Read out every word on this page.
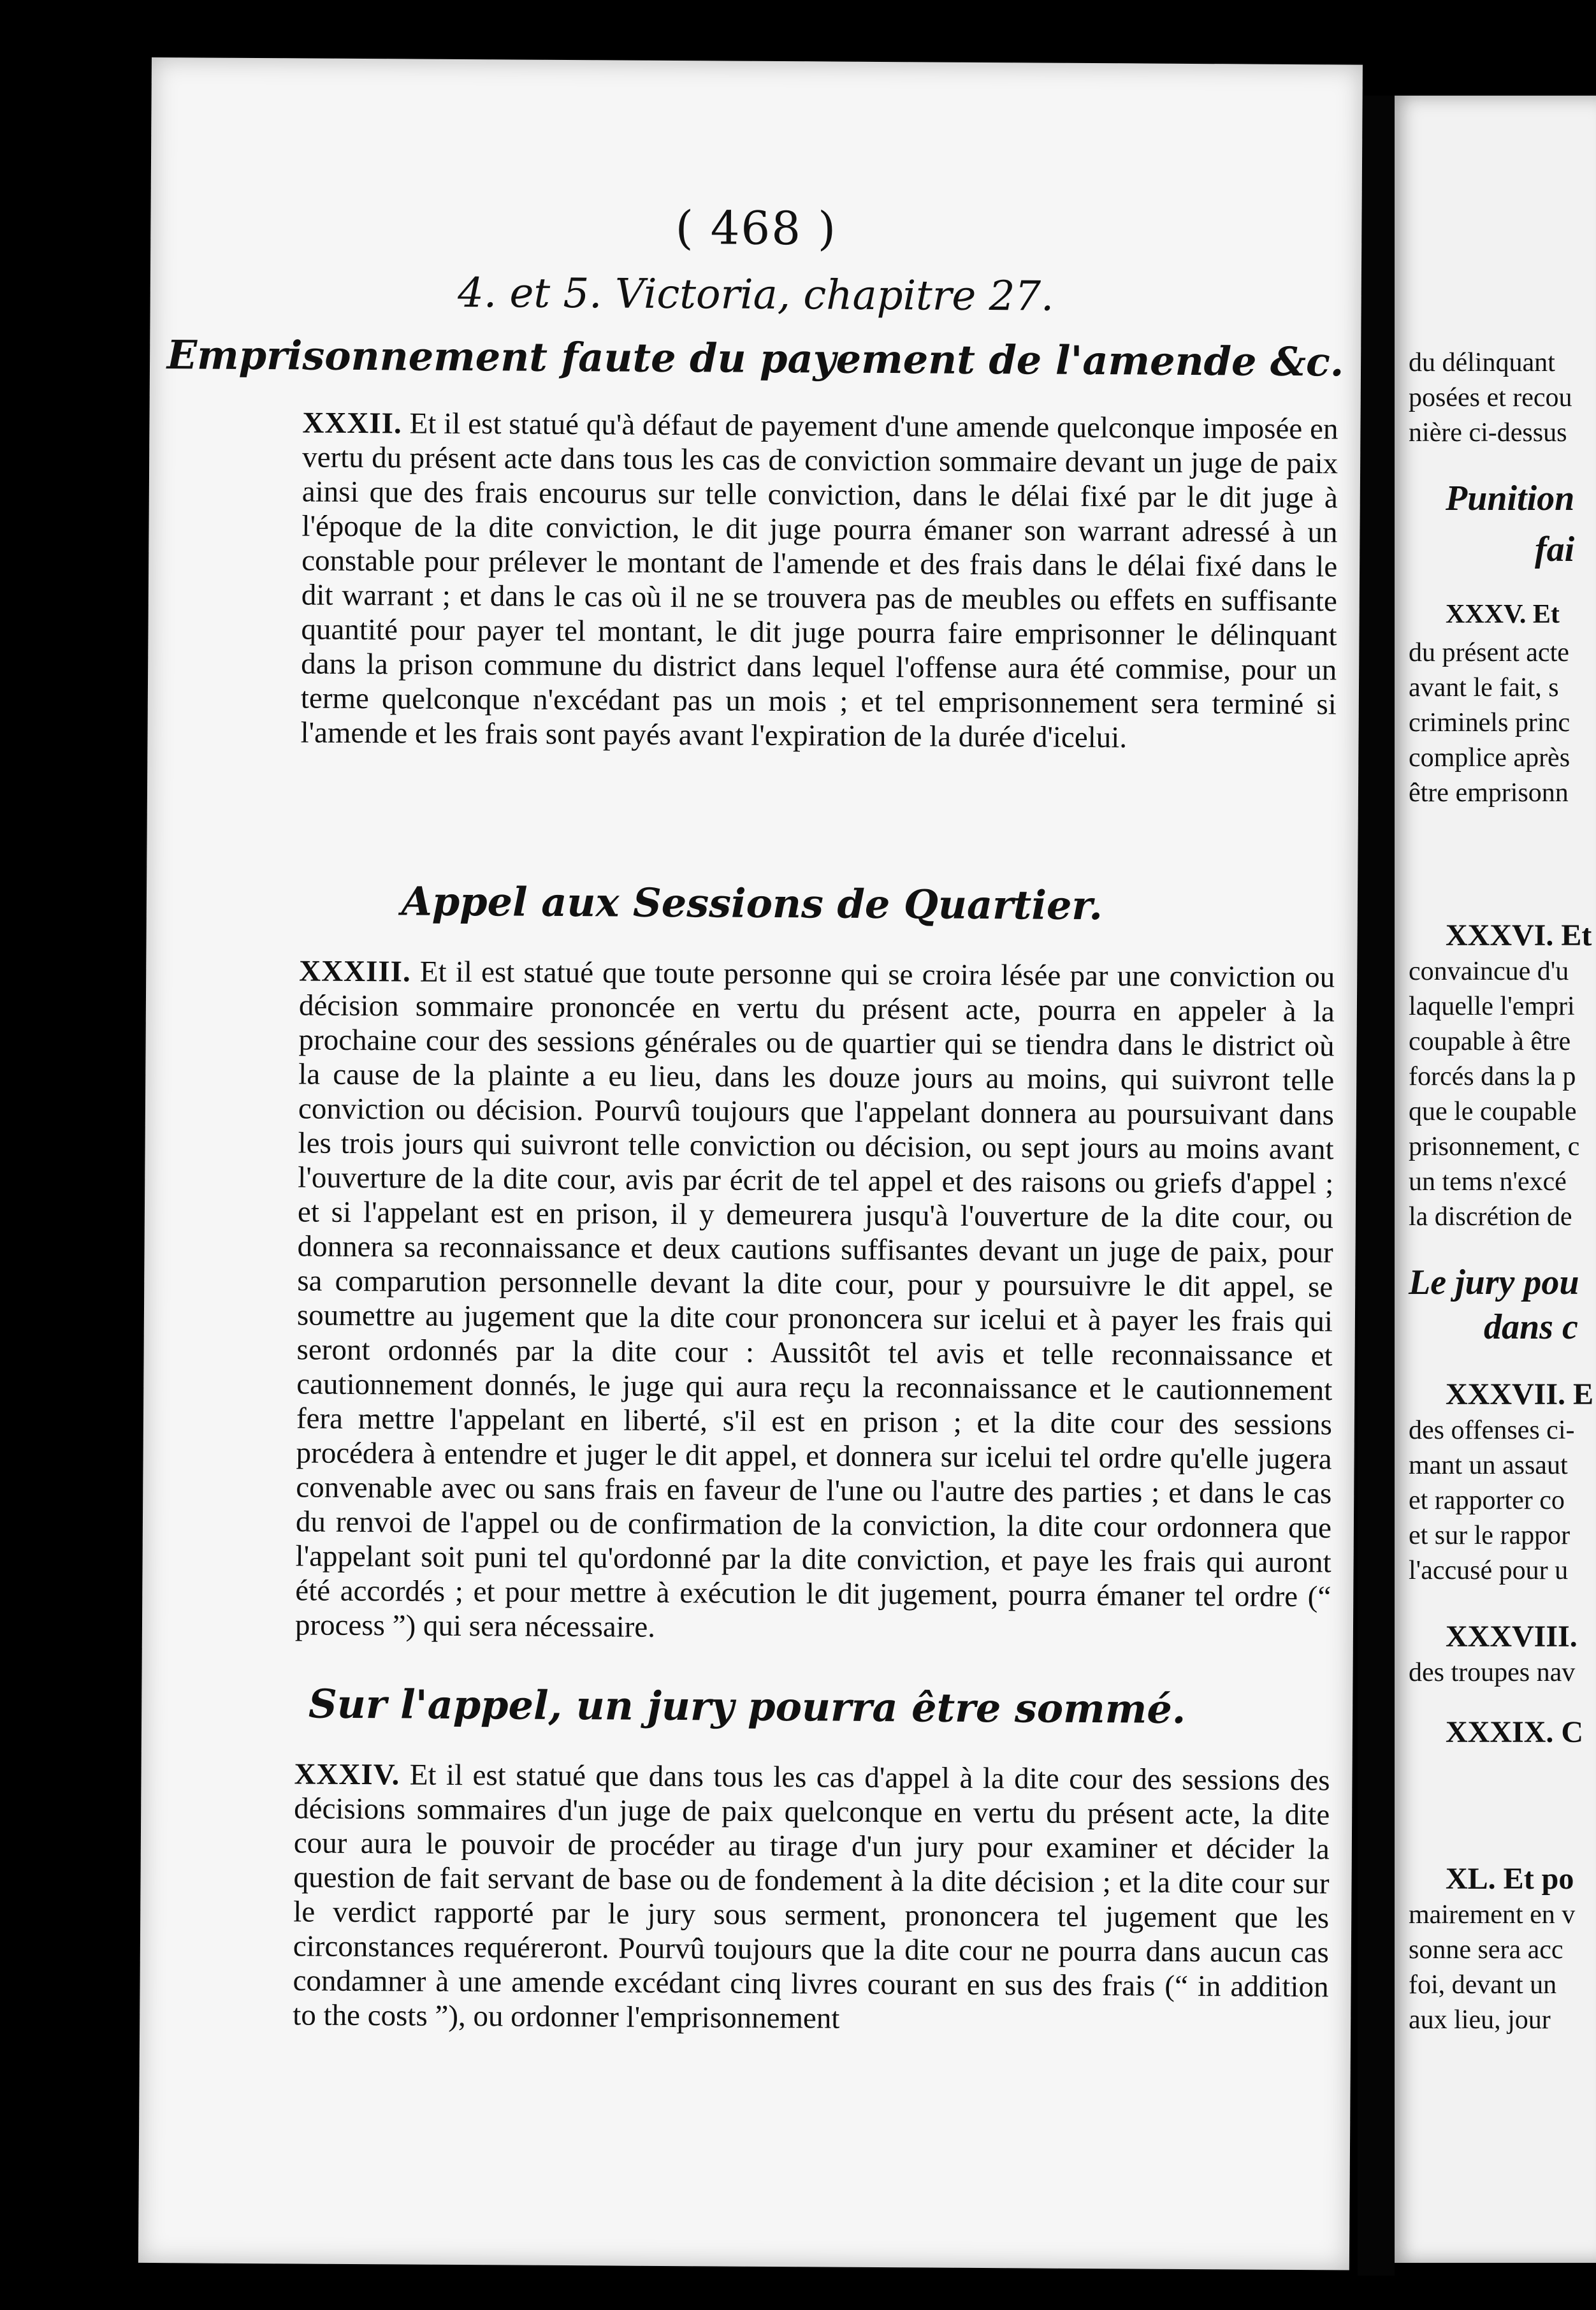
( 468 )
4. et 5. Victoria, chapitre 27.
Emprisonnement faute du payement de l'amende &c.
XXXII. Et il est statué qu'à défaut de payement d'une amende quelconque imposée en vertu du présent acte dans tous les cas de conviction sommaire devant un juge de paix ainsi que des frais encourus sur telle conviction, dans le délai fixé par le dit juge à l'époque de la dite conviction, le dit juge pourra émaner son warrant adressé à un constable pour prélever le montant de l'amende et des frais dans le délai fixé dans le dit warrant ; et dans le cas où il ne se trouvera pas de meubles ou effets en suffisante quantité pour payer tel montant, le dit juge pourra faire emprisonner le délinquant dans la prison commune du district dans lequel l'offense aura été commise, pour un terme quelconque n'excédant pas un mois ; et tel emprisonnement sera terminé si l'amende et les frais sont payés avant l'expiration de la durée d'icelui.
Appel aux Sessions de Quartier.
XXXIII. Et il est statué que toute personne qui se croira lésée par une conviction ou décision sommaire prononcée en vertu du présent acte, pourra en appeler à la prochaine cour des sessions générales ou de quartier qui se tiendra dans le district où la cause de la plainte a eu lieu, dans les douze jours au moins, qui suivront telle conviction ou décision. Pourvû toujours que l'appelant donnera au poursuivant dans les trois jours qui suivront telle conviction ou décision, ou sept jours au moins avant l'ouverture de la dite cour, avis par écrit de tel appel et des raisons ou griefs d'appel ; et si l'appelant est en prison, il y demeurera jusqu'à l'ouverture de la dite cour, ou donnera sa reconnaissance et deux cautions suffisantes devant un juge de paix, pour sa comparution personnelle devant la dite cour, pour y poursuivre le dit appel, se soumettre au jugement que la dite cour prononcera sur icelui et à payer les frais qui seront ordonnés par la dite cour : Aussitôt tel avis et telle reconnaissance et cautionnement donnés, le juge qui aura reçu la reconnaissance et le cautionnement fera mettre l'appelant en liberté, s'il est en prison ; et la dite cour des sessions procédera à entendre et juger le dit appel, et donnera sur icelui tel ordre qu'elle jugera convenable avec ou sans frais en faveur de l'une ou l'autre des parties ; et dans le cas du renvoi de l'appel ou de confirmation de la conviction, la dite cour ordonnera que l'appelant soit puni tel qu'ordonné par la dite conviction, et paye les frais qui auront été accordés ; et pour mettre à exécution le dit jugement, pourra émaner tel ordre (“ process ”) qui sera nécessaire.
Sur l'appel, un jury pourra être sommé.
XXXIV. Et il est statué que dans tous les cas d'appel à la dite cour des sessions des décisions sommaires d'un juge de paix quelconque en vertu du présent acte, la dite cour aura le pouvoir de procéder au tirage d'un jury pour examiner et décider la question de fait servant de base ou de fondement à la dite décision ; et la dite cour sur le verdict rapporté par le jury sous serment, prononcera tel jugement que les circonstances requéreront. Pourvû toujours que la dite cour ne pourra dans aucun cas condamner à une amende excédant cinq livres courant en sus des frais (“ in addition to the costs ”), ou ordonner l'emprisonnement
du délinquant
posées et recou
nière ci-dessus
Punition
fai
XXXV. Et
du présent acte
avant le fait, s
criminels princ
complice après
être emprisonn
XXXVI. Et
convaincue d'u
laquelle l'empri
coupable à être
forcés dans la p
que le coupable
prisonnement, c
un tems n'excé
la discrétion de
Le jury pou
dans c
XXXVII. E
des offenses ci-
mant un assaut
et rapporter co
et sur le rappor
l'accusé pour u
XXXVIII.
des troupes nav
XXXIX. C
XL. Et po
mairement en v
sonne sera acc
foi, devant un
aux lieu, jour
